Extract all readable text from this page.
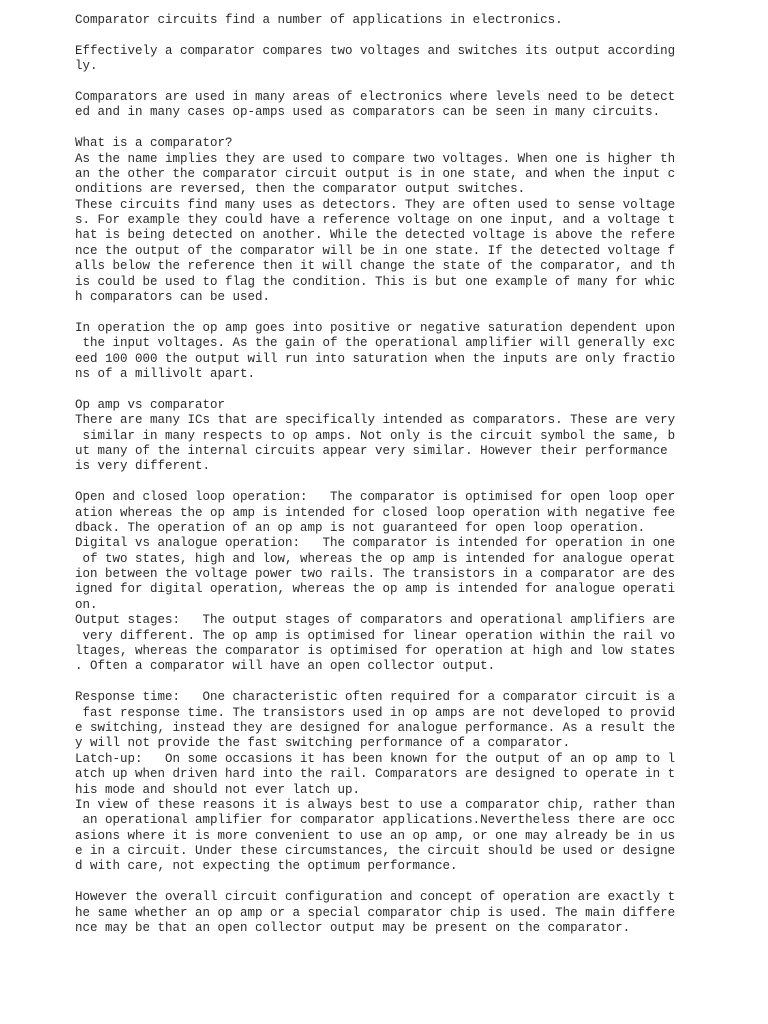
Comparator circuits find a number of applications in electronics.
Effectively a comparator compares two voltages and switches its output according
ly.
Comparators are used in many areas of electronics where levels need to be detect
ed and in many cases op-amps used as comparators can be seen in many circuits.
What is a comparator?
As the name implies they are used to compare two voltages. When one is higher th
an the other the comparator circuit output is in one state, and when the input c
onditions are reversed, then the comparator output switches.
These circuits find many uses as detectors. They are often used to sense voltage
s. For example they could have a reference voltage on one input, and a voltage t
hat is being detected on another. While the detected voltage is above the refere
nce the output of the comparator will be in one state. If the detected voltage f
alls below the reference then it will change the state of the comparator, and th
is could be used to flag the condition. This is but one example of many for whic
h comparators can be used.
In operation the op amp goes into positive or negative saturation dependent upon
the input voltages. As the gain of the operational amplifier will generally exc
eed 100 000 the output will run into saturation when the inputs are only fractio
ns of a millivolt apart.
Op amp vs comparator
There are many ICs that are specifically intended as comparators. These are very
similar in many respects to op amps. Not only is the circuit symbol the same, b
ut many of the internal circuits appear very similar. However their performance
is very different.
Open and closed loop operation:   The comparator is optimised for open loop oper
ation whereas the op amp is intended for closed loop operation with negative fee
dback. The operation of an op amp is not guaranteed for open loop operation.
Digital vs analogue operation:   The comparator is intended for operation in one
of two states, high and low, whereas the op amp is intended for analogue operat
ion between the voltage power two rails. The transistors in a comparator are des
igned for digital operation, whereas the op amp is intended for analogue operati
on.
Output stages:   The output stages of comparators and operational amplifiers are
very different. The op amp is optimised for linear operation within the rail vo
ltages, whereas the comparator is optimised for operation at high and low states
. Often a comparator will have an open collector output.
Response time:   One characteristic often required for a comparator circuit is a
fast response time. The transistors used in op amps are not developed to provid
e switching, instead they are designed for analogue performance. As a result the
y will not provide the fast switching performance of a comparator.
Latch-up:   On some occasions it has been known for the output of an op amp to l
atch up when driven hard into the rail. Comparators are designed to operate in t
his mode and should not ever latch up.
In view of these reasons it is always best to use a comparator chip, rather than
an operational amplifier for comparator applications.Nevertheless there are occ
asions where it is more convenient to use an op amp, or one may already be in us
e in a circuit. Under these circumstances, the circuit should be used or designe
d with care, not expecting the optimum performance.
However the overall circuit configuration and concept of operation are exactly t
he same whether an op amp or a special comparator chip is used. The main differe
nce may be that an open collector output may be present on the comparator.
